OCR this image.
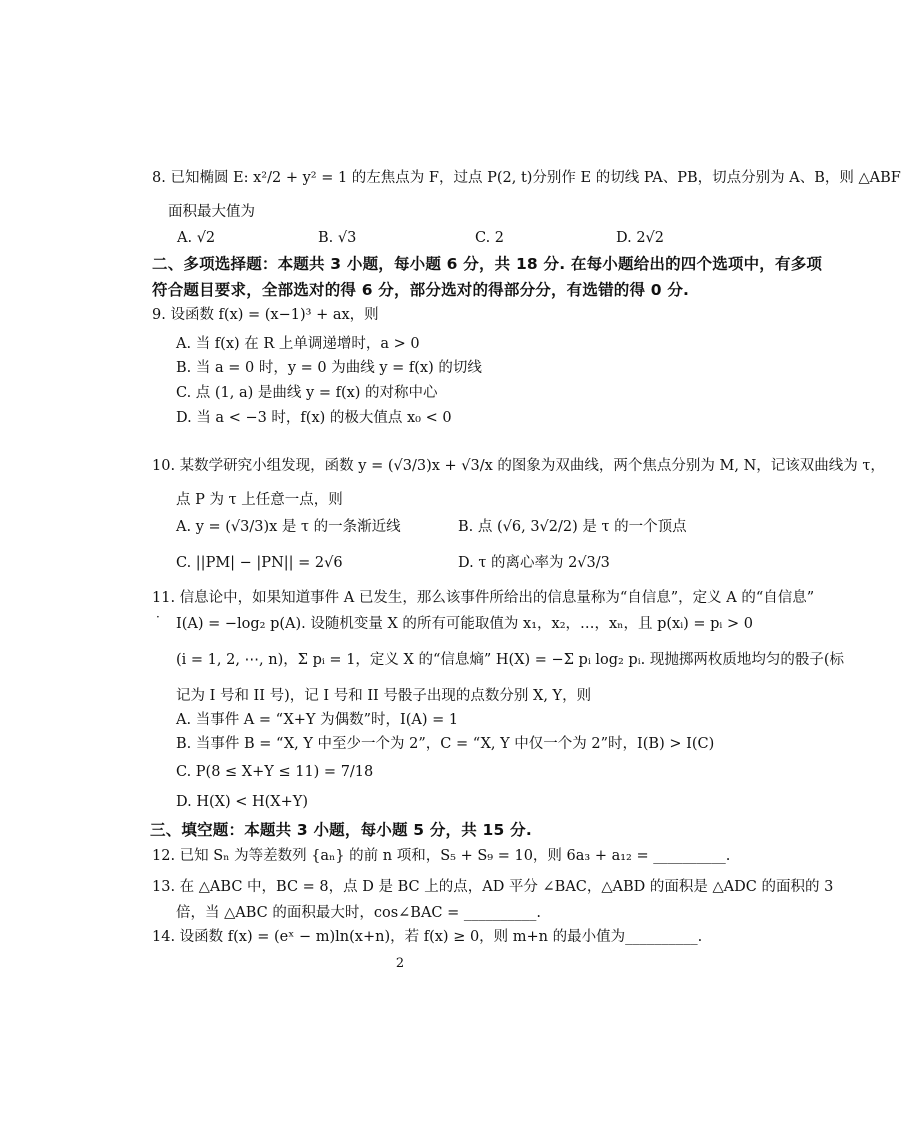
8. 已知椭圆 E: x²/2 + y² = 1 的左焦点为 F，过点 P(2, t)分别作 E 的切线 PA、PB，切点分别为 A、B，则 △ABF
面积最大值为
A. √2	B. √3	C. 2	D. 2√2
二、多项选择题：本题共 3 小题，每小题 6 分，共 18 分. 在每小题给出的四个选项中，有多项
符合题目要求，全部选对的得 6 分，部分选对的得部分分，有选错的得 0 分.
9. 设函数 f(x) = (x−1)³ + ax，则
A. 当 f(x) 在 R 上单调递增时，a > 0
B. 当 a = 0 时，y = 0 为曲线 y = f(x) 的切线
C. 点 (1, a) 是曲线 y = f(x) 的对称中心
D. 当 a < −3 时，f(x) 的极大值点 x₀ < 0
10. 某数学研究小组发现，函数 y = (√3/3)x + √3/x 的图象为双曲线，两个焦点分别为 M, N，记该双曲线为 τ，
点 P 为 τ 上任意一点，则
A. y = (√3/3)x 是 τ 的一条渐近线	B. 点 (√6, 3√2/2) 是 τ 的一个顶点
C. ||PM| − |PN|| = 2√6	D. τ 的离心率为 2√3/3
11. 信息论中，如果知道事件 A 已发生，那么该事件所给出的信息量称为“自信息”，定义 A 的“自信息”
· I(A) = −log₂ p(A). 设随机变量 X 的所有可能取值为 x₁，x₂，…，xₙ，且 p(xᵢ) = pᵢ > 0
(i = 1, 2, ⋯, n)，Σ pᵢ = 1，定义 X 的“信息熵” H(X) = −Σ pᵢ log₂ pᵢ. 现抛掷两枚质地均匀的骰子(标
记为 I 号和 II 号)，记 I 号和 II 号骰子出现的点数分别 X, Y，则
A. 当事件 A = “X+Y 为偶数”时，I(A) = 1
B. 当事件 B = “X, Y 中至少一个为 2”，C = “X, Y 中仅一个为 2”时，I(B) > I(C)
C. P(8 ≤ X+Y ≤ 11) = 7/18
D. H(X) < H(X+Y)
三、填空题：本题共 3 小题，每小题 5 分，共 15 分.
12. 已知 Sₙ 为等差数列 {aₙ} 的前 n 项和，S₅ + S₉ = 10，则 6a₃ + a₁₂ = __________.
13. 在 △ABC 中，BC = 8，点 D 是 BC 上的点，AD 平分 ∠BAC，△ABD 的面积是 △ADC 的面积的 3
倍，当 △ABC 的面积最大时，cos∠BAC = __________.
14. 设函数 f(x) = (eˣ − m)ln(x+n)，若 f(x) ≥ 0，则 m+n 的最小值为__________.
2
